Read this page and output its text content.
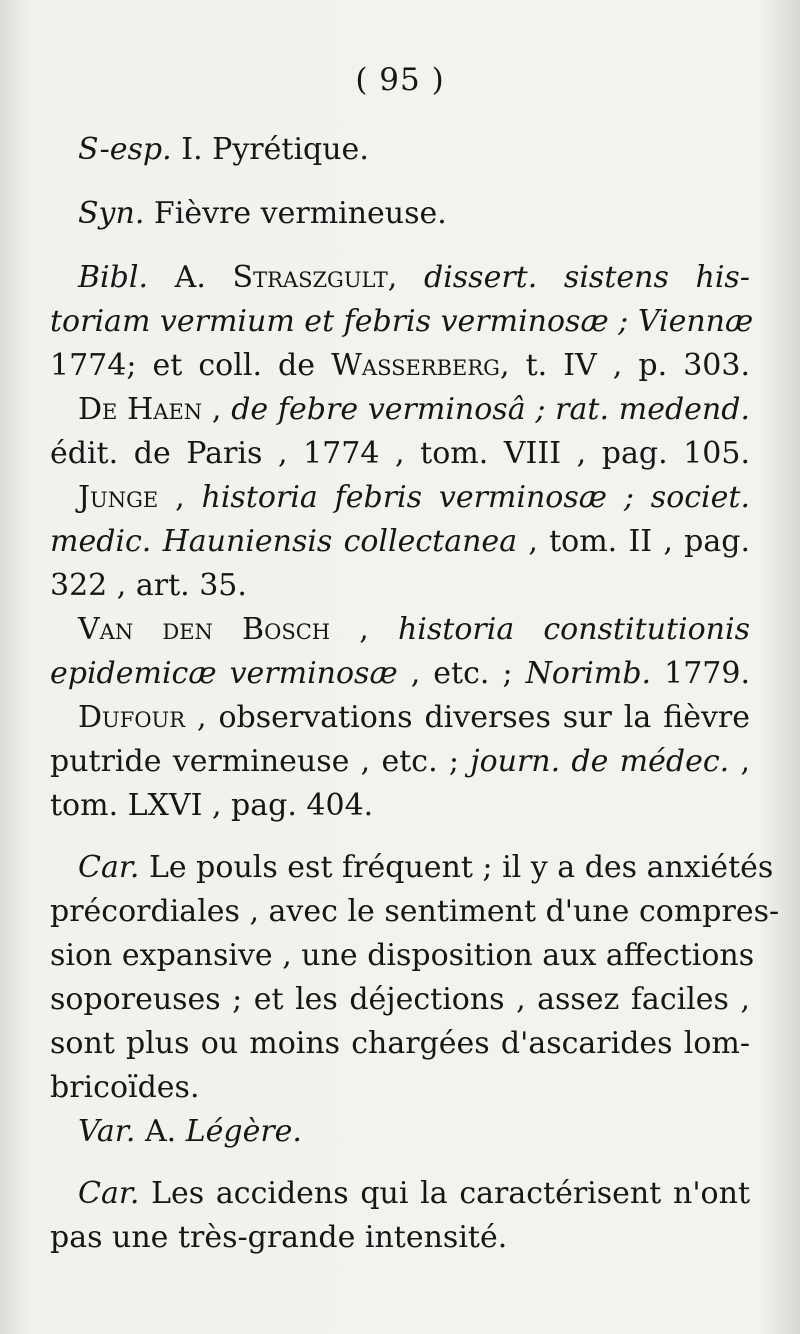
( 95 )

S-esp. I. Pyrétique.

Syn. Fièvre vermineuse.

Bibl. A. Straszgult, dissert. sistens his-

toriam vermium et febris verminosæ ; Viennæ

1774; et coll. de Wasserberg, t. IV , p. 303.

De Haen , de febre verminosâ ; rat. medend.

édit. de Paris , 1774 , tom. VIII , pag. 105.

Junge , historia febris verminosæ ; societ.

medic. Hauniensis collectanea , tom. II , pag.

322 , art. 35.

Van den Bosch , historia constitutionis

epidemicæ verminosæ , etc. ; Norimb. 1779.

Dufour , observations diverses sur la fièvre

putride vermineuse , etc. ; journ. de médec. ,

tom. LXVI , pag. 404.

Car. Le pouls est fréquent ; il y a des anxiétés

précordiales , avec le sentiment d'une compres-

sion expansive , une disposition aux affections

soporeuses ; et les déjections , assez faciles ,

sont plus ou moins chargées d'ascarides lom-

bricoïdes.

Var. A. Légère.

Car. Les accidens qui la caractérisent n'ont

pas une très-grande intensité.
